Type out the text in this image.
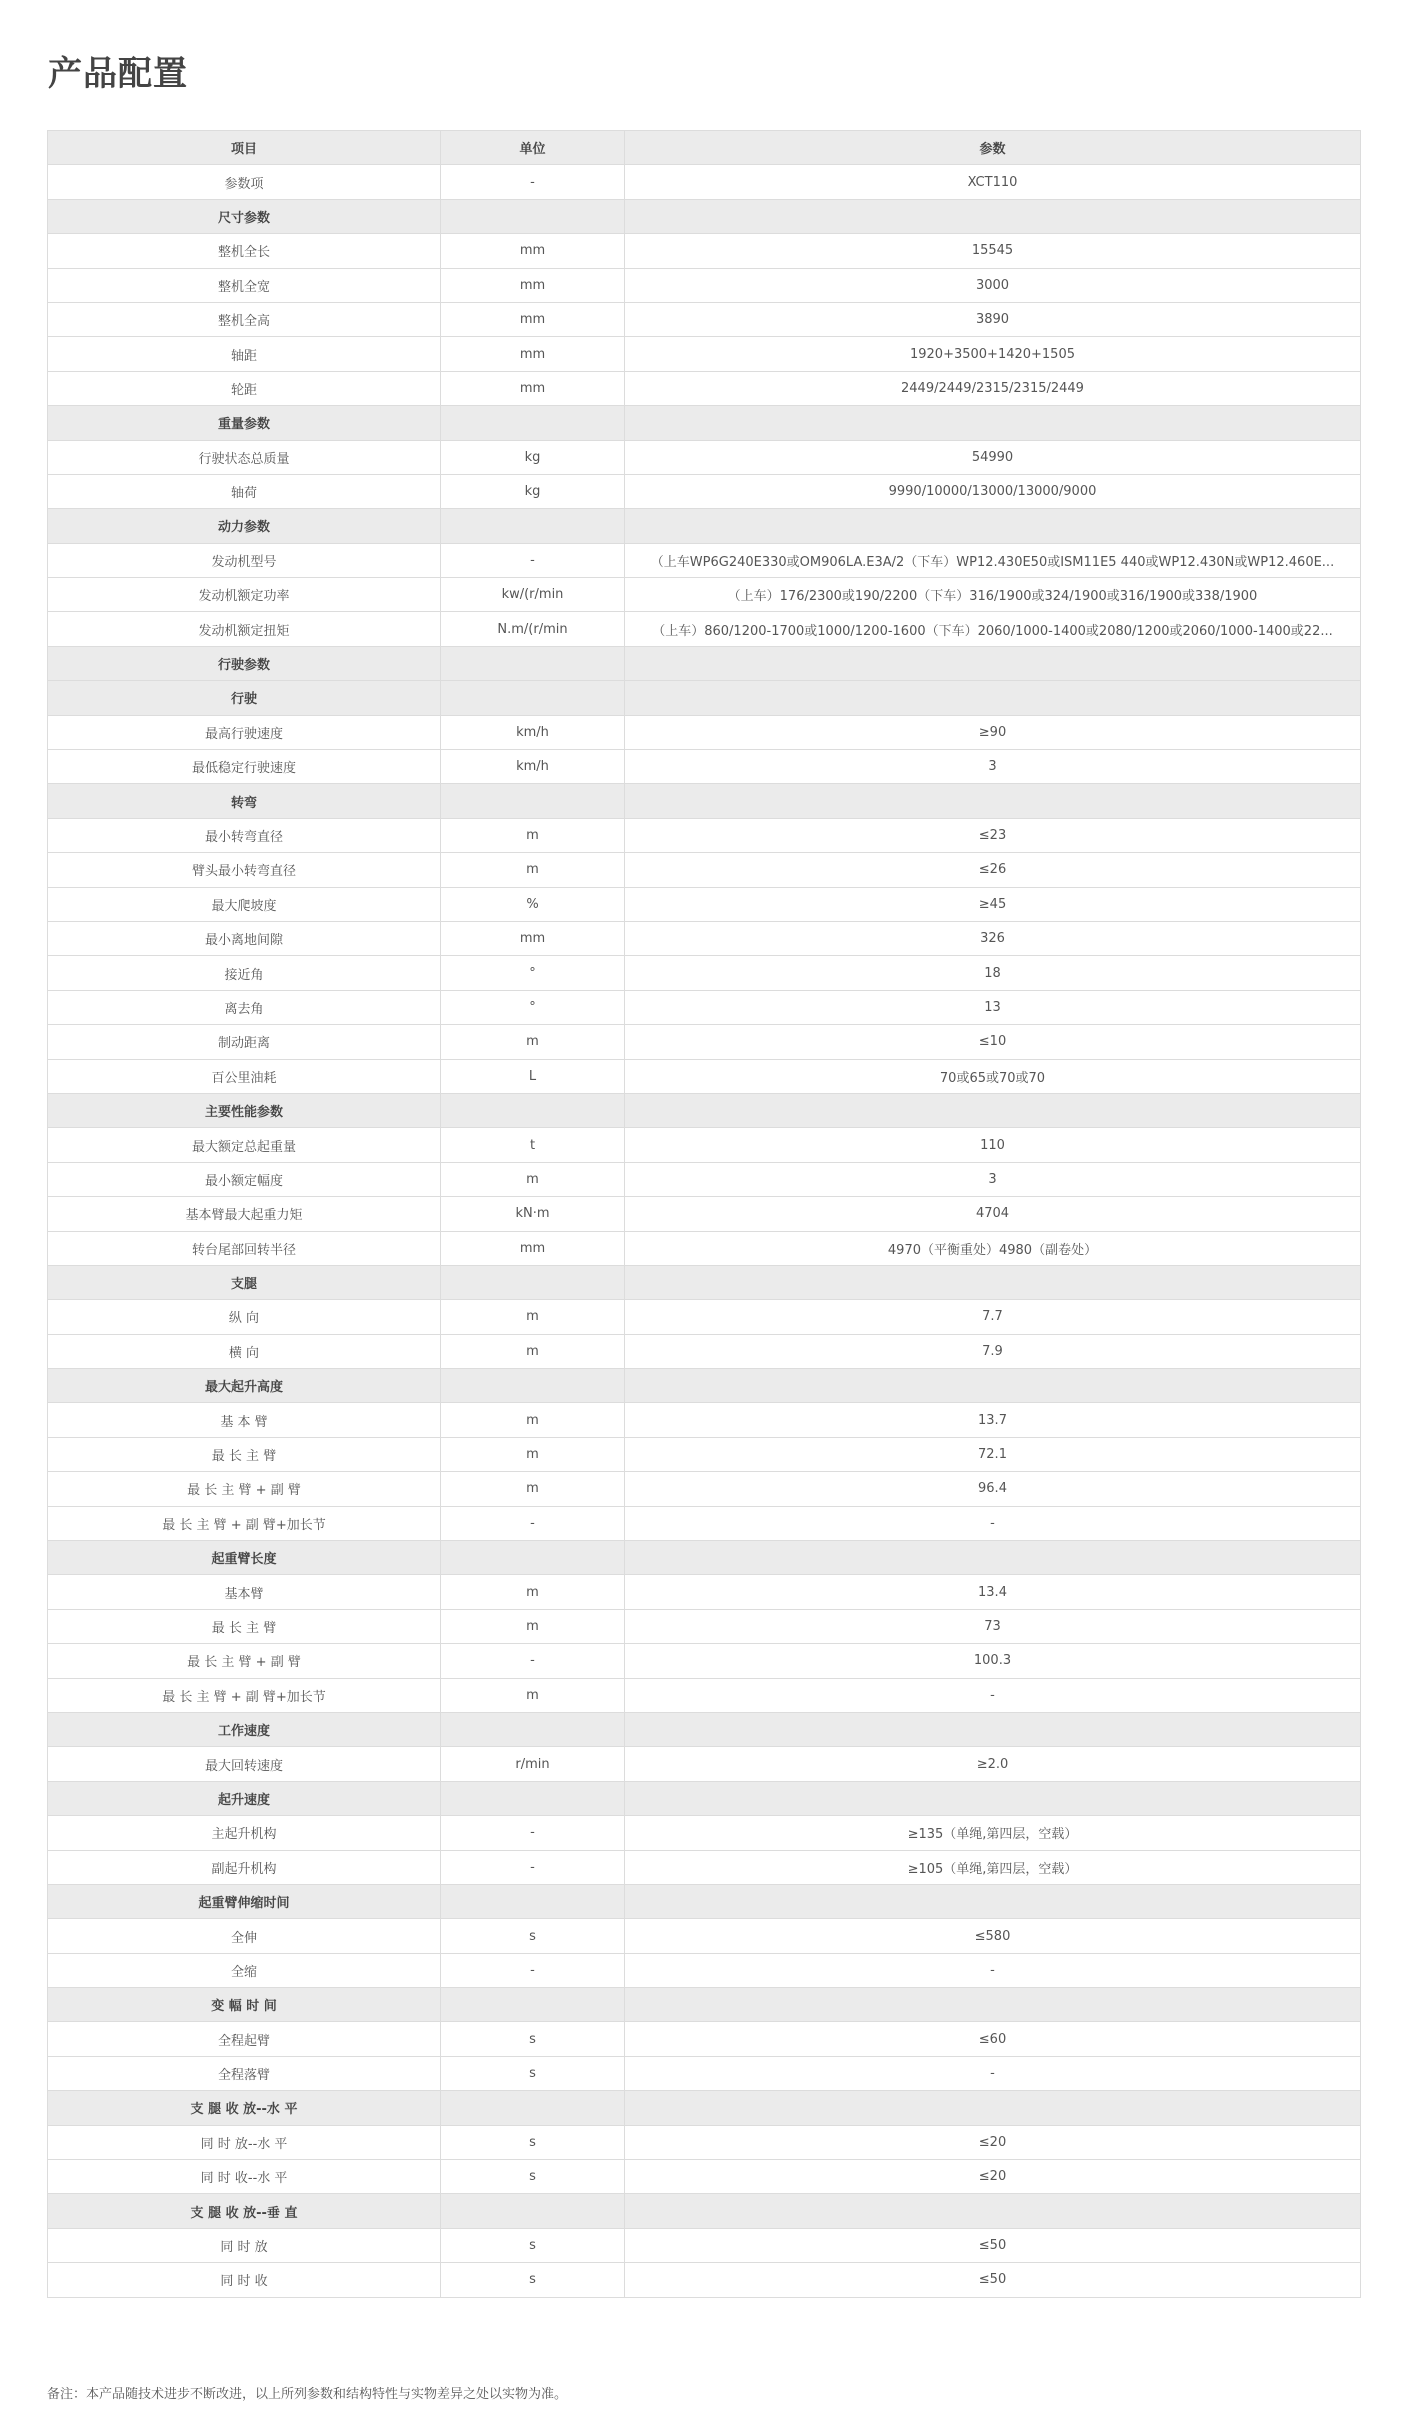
产品配置
项目	单位	参数
参数项	-	XCT110
尺寸参数		
整机全长	mm	15545
整机全宽	mm	3000
整机全高	mm	3890
轴距	mm	1920+3500+1420+1505
轮距	mm	2449/2449/2315/2315/2449
重量参数		
行驶状态总质量	kg	54990
轴荷	kg	9990/10000/13000/13000/9000
动力参数		
发动机型号	-	（上车WP6G240E330或OM906LA.E3A/2（下车）WP12.430E50或ISM11E5 440或WP12.430N或WP12.460E...
发动机额定功率	kw/(r/min	（上车）176/2300或190/2200（下车）316/1900或324/1900或316/1900或338/1900
发动机额定扭矩	N.m/(r/min	（上车）860/1200-1700或1000/1200-1600（下车）2060/1000-1400或2080/1200或2060/1000-1400或22...
行驶参数		
行驶		
最高行驶速度	km/h	≥90
最低稳定行驶速度	km/h	3
转弯		
最小转弯直径	m	≤23
臂头最小转弯直径	m	≤26
最大爬坡度	%	≥45
最小离地间隙	mm	326
接近角	°	18
离去角	°	13
制动距离	m	≤10
百公里油耗	L	70或65或70或70
主要性能参数		
最大额定总起重量	t	110
最小额定幅度	m	3
基本臂最大起重力矩	kN·m	4704
转台尾部回转半径	mm	4970（平衡重处）4980（副卷处）
支腿		
纵 向	m	7.7
横 向	m	7.9
最大起升高度		
基 本 臂	m	13.7
最 长 主 臂	m	72.1
最 长 主 臂 + 副 臂	m	96.4
最 长 主 臂 + 副 臂+加长节	-	-
起重臂长度		
基本臂	m	13.4
最 长 主 臂	m	73
最 长 主 臂 + 副 臂	-	100.3
最 长 主 臂 + 副 臂+加长节	m	-
工作速度		
最大回转速度	r/min	≥2.0
起升速度		
主起升机构	-	≥135（单绳,第四层，空载）
副起升机构	-	≥105（单绳,第四层，空载）
起重臂伸缩时间		
全伸	s	≤580
全缩	-	-
变 幅 时 间		
全程起臂	s	≤60
全程落臂	s	-
支 腿 收 放--水 平		
同 时 放--水 平	s	≤20
同 时 收--水 平	s	≤20
支 腿 收 放--垂 直		
同 时 放	s	≤50
同 时 收	s	≤50

备注：本产品随技术进步不断改进，以上所列参数和结构特性与实物差异之处以实物为准。
